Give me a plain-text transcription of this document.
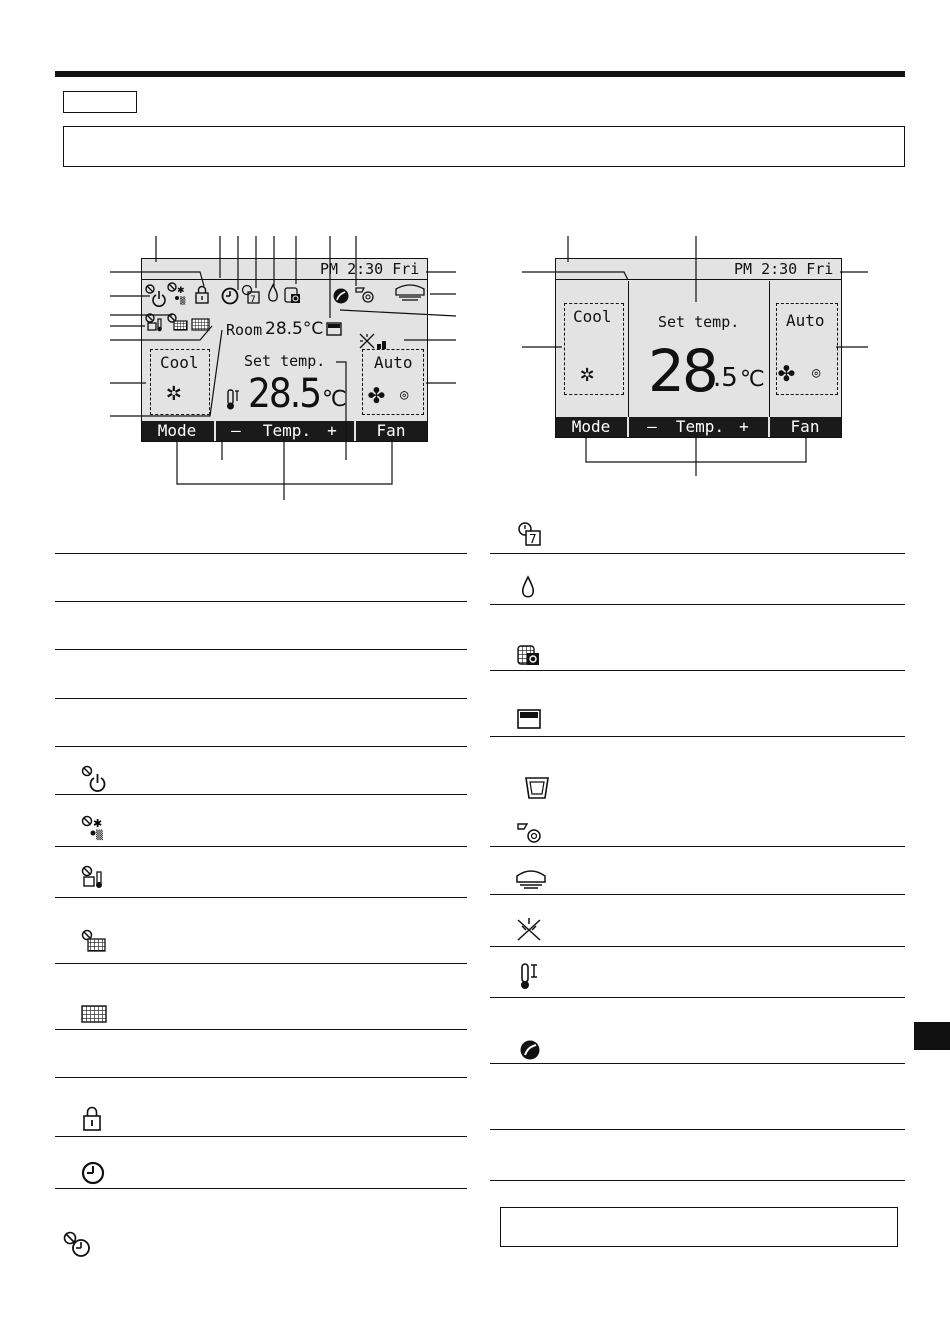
PM 2:30 Fri
✱
▒	7
Room 28.5°C
Set temp.
28.5 ℃
Cool
✲
Auto
✤ ◎
Mode	—	Temp.	+	Fan
PM 2:30 Fri
Cool
✲
Set temp.
28
.5 ℃
Auto
✤ ◎
Mode	—	Temp. +	Fan
✱
▒
7
